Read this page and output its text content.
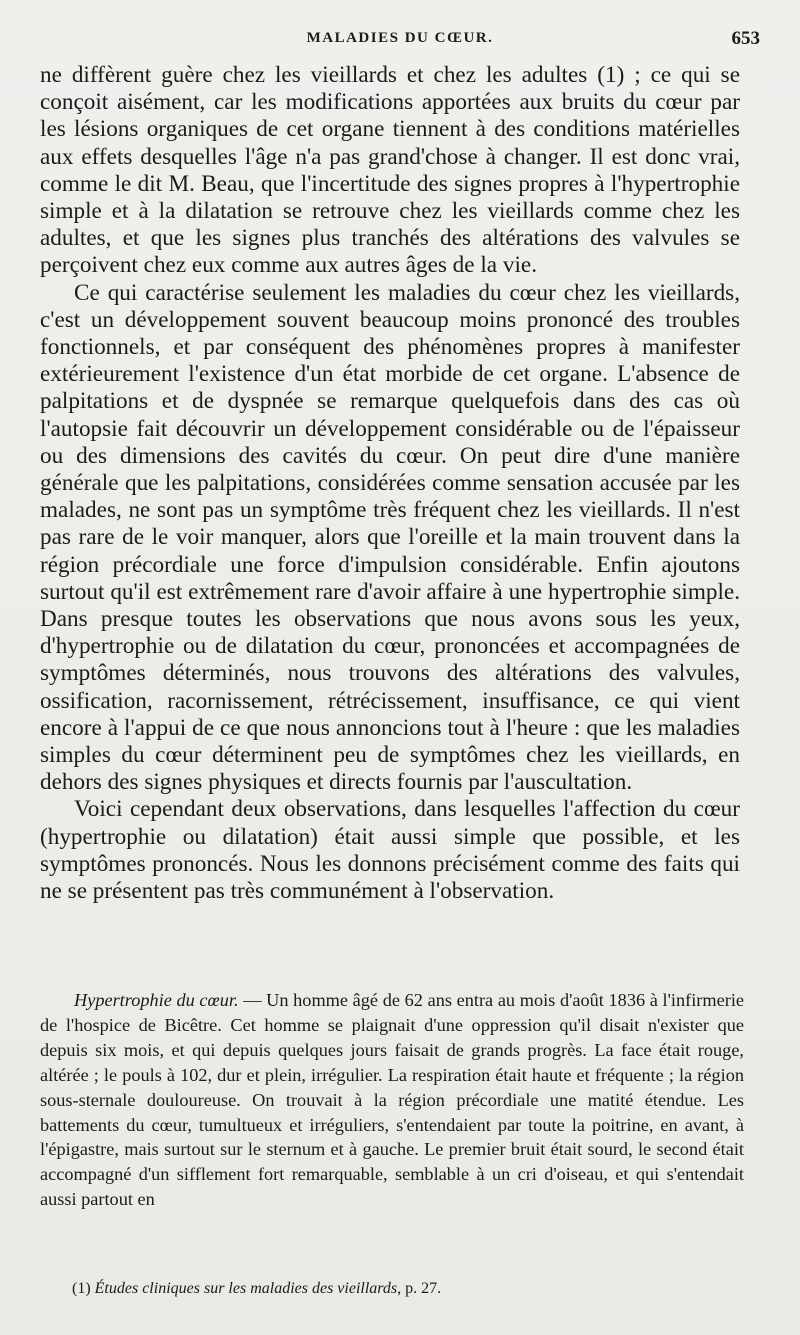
MALADIES DU CŒUR.	653

ne diffèrent guère chez les vieillards et chez les adultes (1) ; ce qui se conçoit aisément, car les modifications apportées aux bruits du cœur par les lésions organiques de cet organe tiennent à des conditions matérielles aux effets desquelles l'âge n'a pas grand'chose à changer. Il est donc vrai, comme le dit M. Beau, que l'incertitude des signes propres à l'hypertrophie simple et à la dilatation se retrouve chez les vieillards comme chez les adultes, et que les signes plus tranchés des altérations des valvules se perçoivent chez eux comme aux autres âges de la vie.

Ce qui caractérise seulement les maladies du cœur chez les vieillards, c'est un développement souvent beaucoup moins prononcé des troubles fonctionnels, et par conséquent des phénomènes propres à manifester extérieurement l'existence d'un état morbide de cet organe. L'absence de palpitations et de dyspnée se remarque quelquefois dans des cas où l'autopsie fait découvrir un développement considérable ou de l'épaisseur ou des dimensions des cavités du cœur. On peut dire d'une manière générale que les palpitations, considérées comme sensation accusée par les malades, ne sont pas un symptôme très fréquent chez les vieillards. Il n'est pas rare de le voir manquer, alors que l'oreille et la main trouvent dans la région précordiale une force d'impulsion considérable. Enfin ajoutons surtout qu'il est extrêmement rare d'avoir affaire à une hypertrophie simple. Dans presque toutes les observations que nous avons sous les yeux, d'hypertrophie ou de dilatation du cœur, prononcées et accompagnées de symptômes déterminés, nous trouvons des altérations des valvules, ossification, racornissement, rétrécissement, insuffisance, ce qui vient encore à l'appui de ce que nous annoncions tout à l'heure : que les maladies simples du cœur déterminent peu de symptômes chez les vieillards, en dehors des signes physiques et directs fournis par l'auscultation.

Voici cependant deux observations, dans lesquelles l'affection du cœur (hypertrophie ou dilatation) était aussi simple que possible, et les symptômes prononcés. Nous les donnons précisément comme des faits qui ne se présentent pas très communément à l'observation.

Hypertrophie du cœur. — Un homme âgé de 62 ans entra au mois d'août 1836 à l'infirmerie de l'hospice de Bicêtre. Cet homme se plaignait d'une oppression qu'il disait n'exister que depuis six mois, et qui depuis quelques jours faisait de grands progrès. La face était rouge, altérée ; le pouls à 102, dur et plein, irrégulier. La respiration était haute et fréquente ; la région sous-sternale douloureuse. On trouvait à la région précordiale une matité étendue. Les battements du cœur, tumultueux et irréguliers, s'entendaient par toute la poitrine, en avant, à l'épigastre, mais surtout sur le sternum et à gauche. Le premier bruit était sourd, le second était accompagné d'un sifflement fort remarquable, semblable à un cri d'oiseau, et qui s'entendait aussi partout en

(1) Études cliniques sur les maladies des vieillards, p. 27.
